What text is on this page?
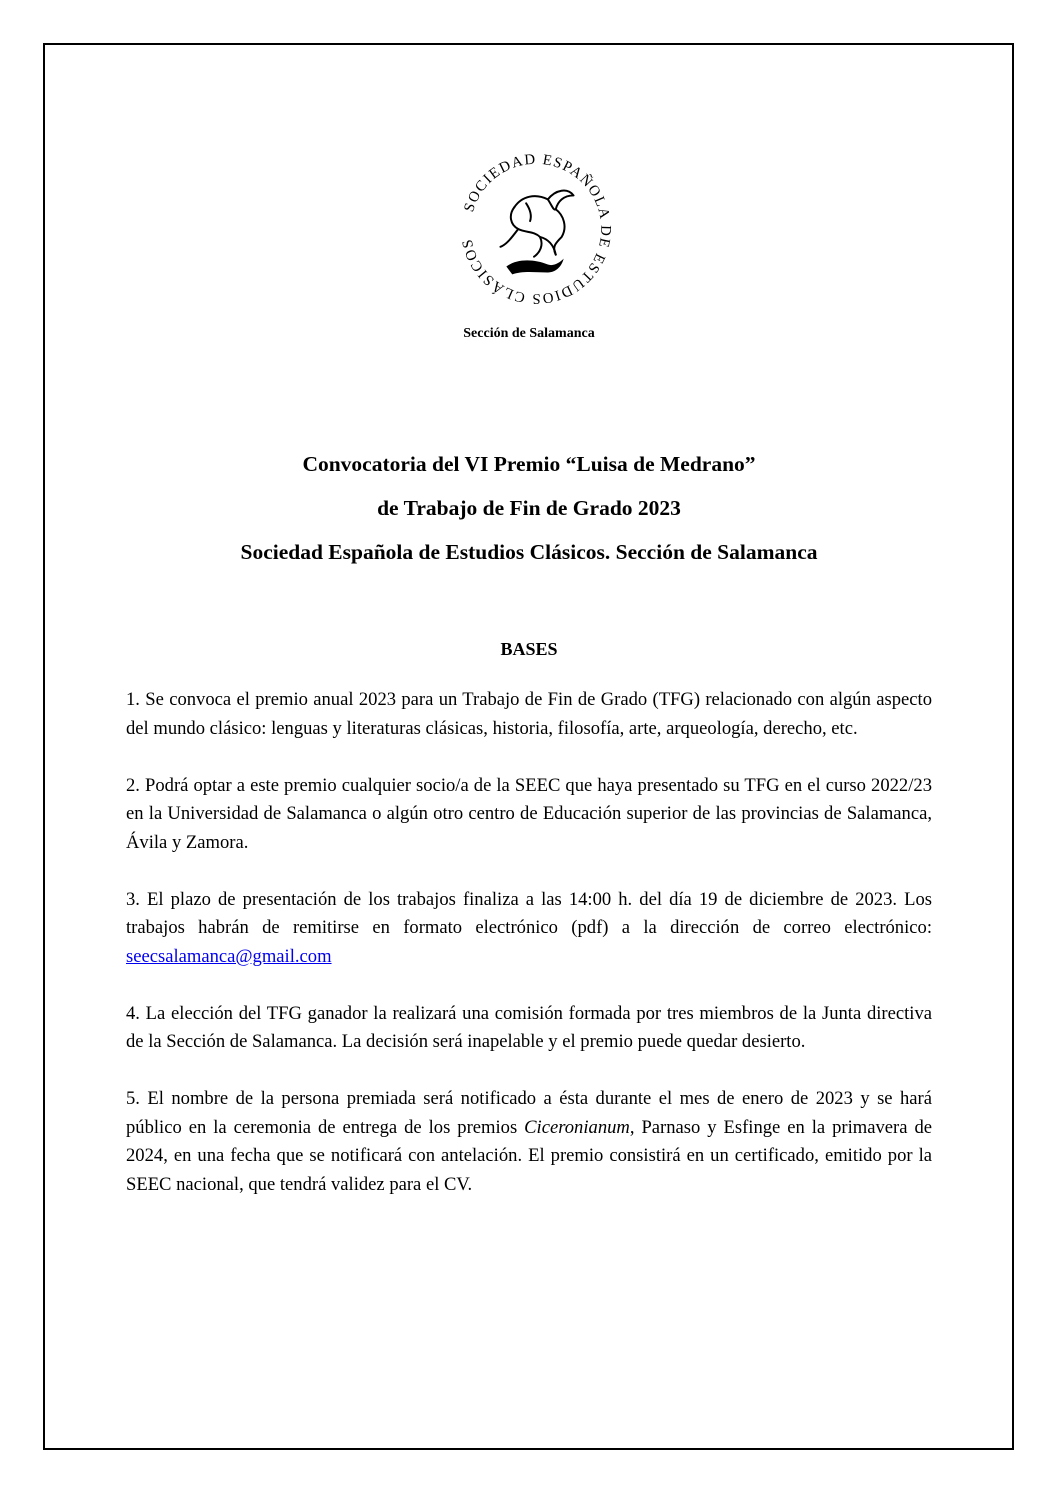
SOCIEDAD ESPAÑOLA DE ESTUDIOS CLÁSICOS
Sección de Salamanca
Convocatoria del VI Premio “Luisa de Medrano”
de Trabajo de Fin de Grado 2023
Sociedad Española de Estudios Clásicos. Sección de Salamanca
BASES

1. Se convoca el premio anual 2023 para un Trabajo de Fin de Grado (TFG) relacionado con algún aspecto del mundo clásico: lenguas y literaturas clásicas, historia, filosofía, arte, arqueología, derecho, etc.

2. Podrá optar a este premio cualquier socio/a de la SEEC que haya presentado su TFG en el curso 2022/23 en la Universidad de Salamanca o algún otro centro de Educación superior de las provincias de Salamanca, Ávila y Zamora.

3. El plazo de presentación de los trabajos finaliza a las 14:00 h. del día 19 de diciembre de 2023. Los trabajos habrán de remitirse en formato electrónico (pdf) a la dirección de correo electrónico: seecsalamanca@gmail.com

4. La elección del TFG ganador la realizará una comisión formada por tres miembros de la Junta directiva de la Sección de Salamanca. La decisión será inapelable y el premio puede quedar desierto.

5. El nombre de la persona premiada será notificado a ésta durante el mes de enero de 2023 y se hará público en la ceremonia de entrega de los premios Ciceronianum, Parnaso y Esfinge en la primavera de 2024, en una fecha que se notificará con antelación. El premio consistirá en un certificado, emitido por la SEEC nacional, que tendrá validez para el CV.
